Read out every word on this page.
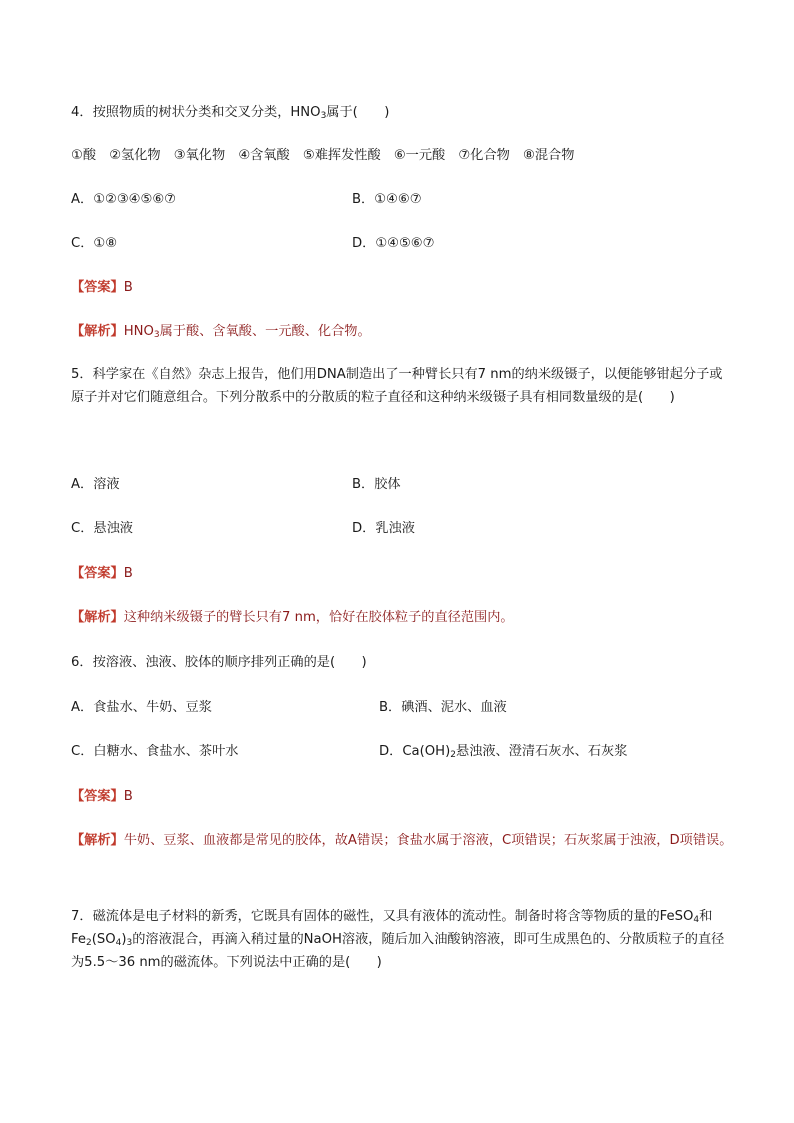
4．按照物质的树状分类和交叉分类，$HNO_3$属于(　　)
①酸　②氢化物　③氧化物　④含氧酸　⑤难挥发性酸　⑥一元酸　⑦化合物　⑧混合物
A．①②③④⑤⑥⑦	B．①④⑥⑦
C．①⑧	D．①④⑤⑥⑦
【答案】B
【解析】$HNO_3$属于酸、含氧酸、一元酸、化合物。
5．科学家在《自然》杂志上报告，他们用DNA制造出了一种臂长只有7 nm的纳米级镊子，以便能够钳起分子或原子并对它们随意组合。下列分散系中的分散质的粒子直径和这种纳米级镊子具有相同数量级的是(　　)
A．溶液	B．胶体
C．悬浊液	D．乳浊液
【答案】B
【解析】这种纳米级镊子的臂长只有7 nm，恰好在胶体粒子的直径范围内。
6．按溶液、浊液、胶体的顺序排列正确的是(　　)
A．食盐水、牛奶、豆浆	B．碘酒、泥水、血液
C．白糖水、食盐水、茶叶水	D．$Ca(OH)_2$悬浊液、澄清石灰水、石灰浆
【答案】B
【解析】牛奶、豆浆、血液都是常见的胶体，故A错误；食盐水属于溶液，C项错误；石灰浆属于浊液，D项错误。
7．磁流体是电子材料的新秀，它既具有固体的磁性，又具有液体的流动性。制备时将含等物质的量的FeSO$_4$和$Fe_2(SO_4)_3$的溶液混合，再滴入稍过量的NaOH溶液，随后加入油酸钠溶液，即可生成黑色的、分散质粒子的直径为5.5～36 nm的磁流体。下列说法中正确的是(　　)
